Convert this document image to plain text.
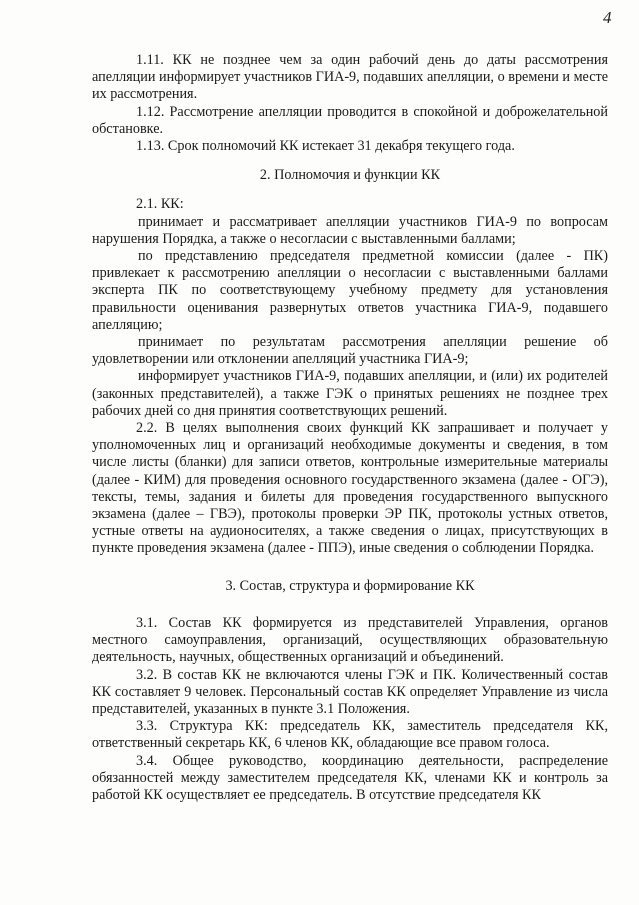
4

1.11. КК не позднее чем за один рабочий день до даты рассмотрения апелляции информирует участников ГИА-9, подавших апелляции, о времени и месте их рассмотрения.

1.12. Рассмотрение апелляции проводится в спокойной и доброжелательной обстановке.

1.13. Срок полномочий КК истекает 31 декабря текущего года.

2. Полномочия и функции КК

2.1. КК:

принимает и рассматривает апелляции участников ГИА-9 по вопросам нарушения Порядка, а также о несогласии с выставленными баллами;

по представлению председателя предметной комиссии (далее - ПК) привлекает к рассмотрению апелляции о несогласии с выставленными баллами эксперта ПК по соответствующему учебному предмету для установления правильности оценивания развернутых ответов участника ГИА-9, подавшего апелляцию;

принимает по результатам рассмотрения апелляции решение об удовлетворении или отклонении апелляций участника ГИА-9;

информирует участников ГИА-9, подавших апелляции, и (или) их родителей (законных представителей), а также ГЭК о принятых решениях не позднее трех рабочих дней со дня принятия соответствующих решений.

2.2. В целях выполнения своих функций КК запрашивает и получает у уполномоченных лиц и организаций необходимые документы и сведения, в том числе листы (бланки) для записи ответов, контрольные измерительные материалы (далее - КИМ) для проведения основного государственного экзамена (далее - ОГЭ), тексты, темы, задания и билеты для проведения государственного выпускного экзамена (далее – ГВЭ), протоколы проверки ЭР ПК, протоколы устных ответов, устные ответы на аудионосителях, а также сведения о лицах, присутствующих в пункте проведения экзамена (далее - ППЭ), иные сведения о соблюдении Порядка.

3. Состав, структура и формирование КК

3.1. Состав КК формируется из представителей Управления, органов местного самоуправления, организаций, осуществляющих образовательную деятельность, научных, общественных организаций и объединений.

3.2. В состав КК не включаются члены ГЭК и ПК. Количественный состав КК составляет 9 человек. Персональный состав КК определяет Управление из числа представителей, указанных в пункте 3.1 Положения.

3.3. Структура КК: председатель КК, заместитель председателя КК, ответственный секретарь КК, 6 членов КК, обладающие все правом голоса.

3.4. Общее руководство, координацию деятельности, распределение обязанностей между заместителем председателя КК, членами КК и контроль за работой КК осуществляет ее председатель. В отсутствие председателя КК
